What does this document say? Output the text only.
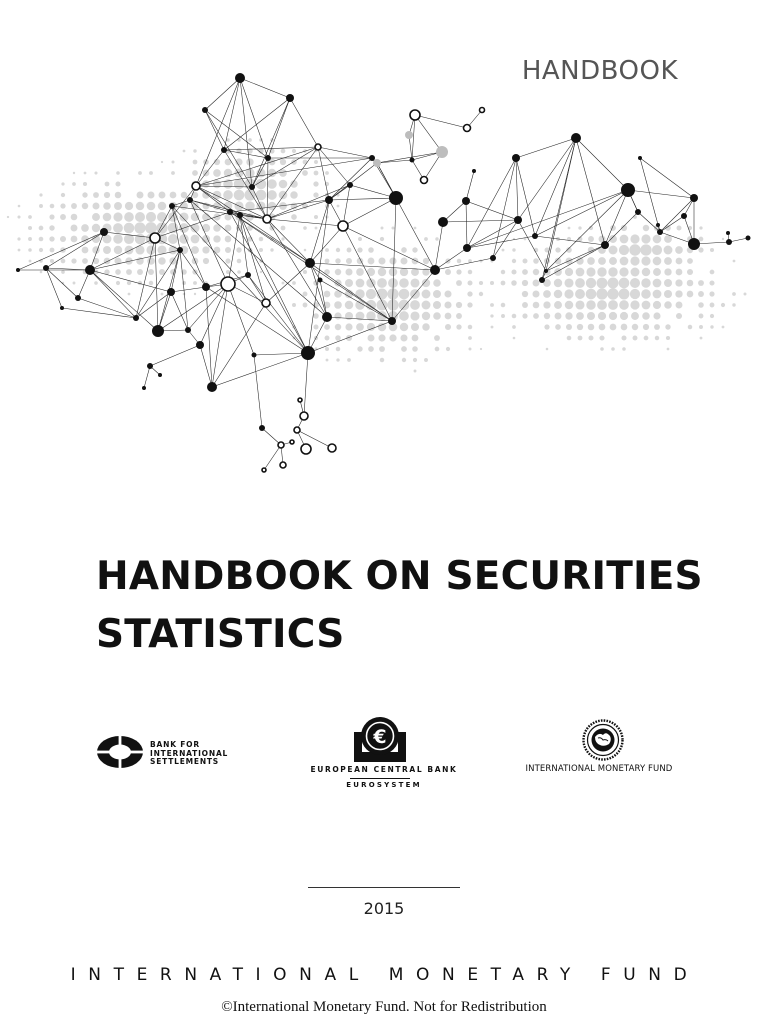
HANDBOOK
HANDBOOK ON SECURITIES
STATISTICS
BANK FOR
INTERNATIONAL
SETTLEMENTS
€
EUROPEAN CENTRAL BANK
EUROSYSTEM
INTERNATIONAL MONETARY FUND
2015
INTERNATIONAL MONETARY FUND
©International Monetary Fund. Not for Redistribution
